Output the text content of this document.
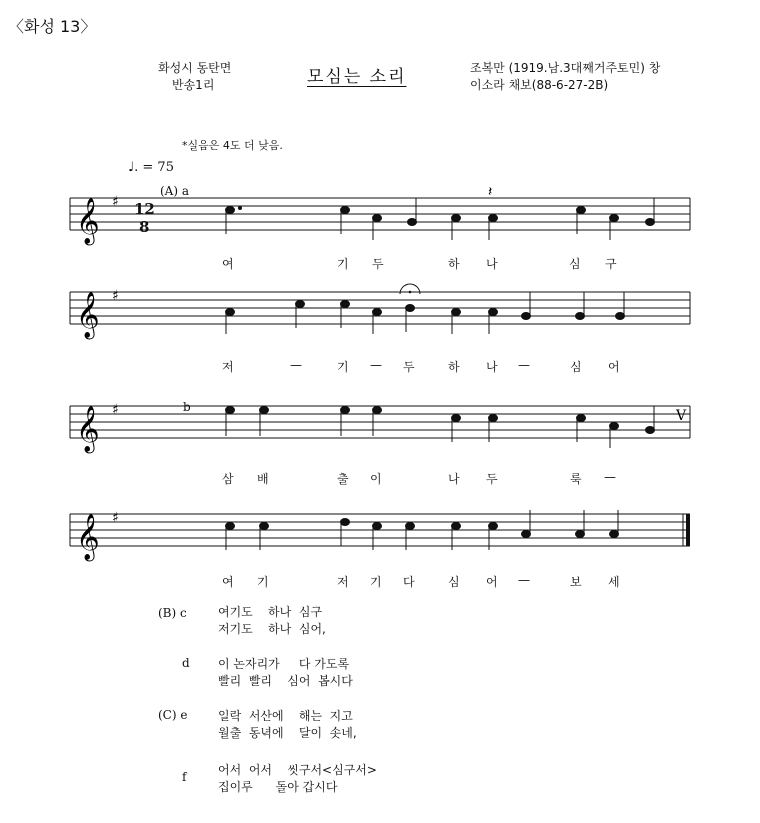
〈화성 13〉
화성시 동탄면
반송1리	모심는 소리	조복만 (1919.남.3대째거주토민) 창
이소라 채보(88-6-27-2B)
*실음은 4도 더 낮음.
♩. = 75
(A) a
b
12
8
𝄞 ♯
𝄽
𝄞 ♯
𝄞 ♯	V
𝄞 ♯
여	기 두	하 나	심 구
저	—	기 — 두	하 나 —	심 어
삼 배	출 이	나 두	룩 —
여 기	저 기 다	심 어 —	보 세
(B) c	여기도    하나  심구
저기도    하나  심어,
d 이 논자리가     다 가도록
빨리  빨리    심어  봅시다
(C) e	일락  서산에    해는  지고
월출  동녁에    달이  솟네,
f	어서  어서    씻구서<심구서>
집이루      돌아 갑시다
